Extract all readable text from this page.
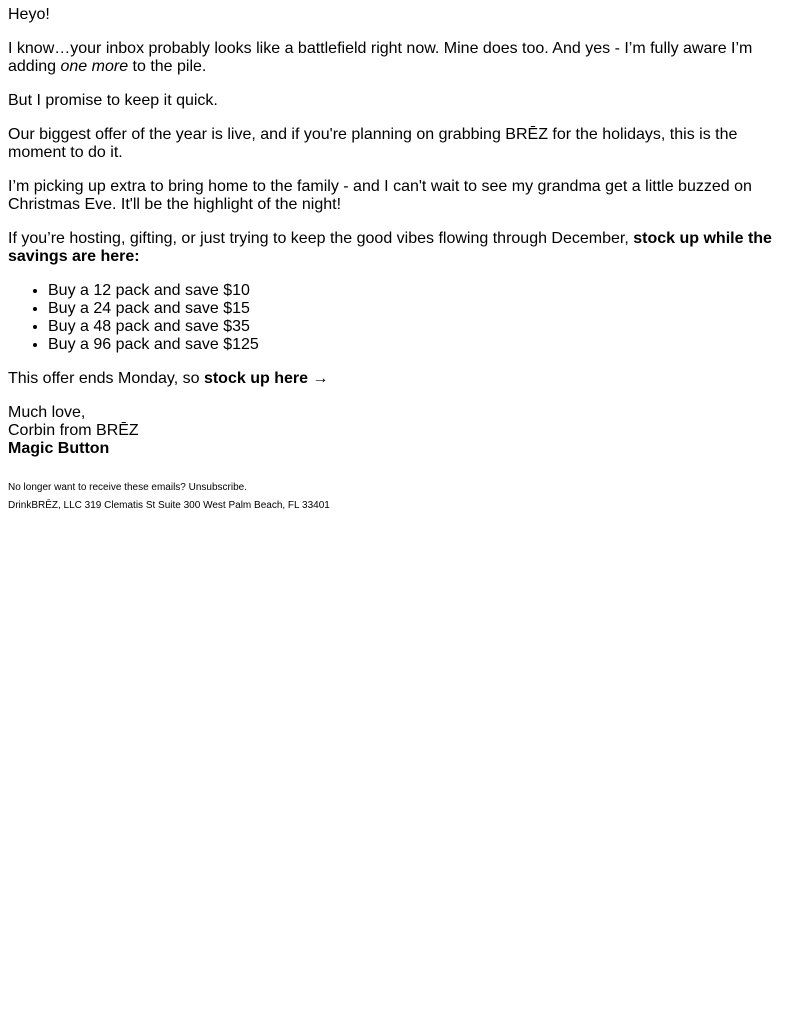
Heyo!

I know…your inbox probably looks like a battlefield right now. Mine does too. And yes - I’m fully aware I’m adding one more to the pile.

But I promise to keep it quick.

Our biggest offer of the year is live, and if you're planning on grabbing BRĒZ for the holidays, this is the moment to do it.

I’m picking up extra to bring home to the family - and I can't wait to see my grandma get a little buzzed on Christmas Eve. It'll be the highlight of the night!

If you’re hosting, gifting, or just trying to keep the good vibes flowing through December, stock up while the savings are here:

• Buy a 12 pack and save $10
• Buy a 24 pack and save $15
• Buy a 48 pack and save $35
• Buy a 96 pack and save $125

This offer ends Monday, so stock up here →

Much love,
Corbin from BRĒZ
Magic Button

No longer want to receive these emails? Unsubscribe.

DrinkBRĒZ, LLC 319 Clematis St Suite 300 West Palm Beach, FL 33401
